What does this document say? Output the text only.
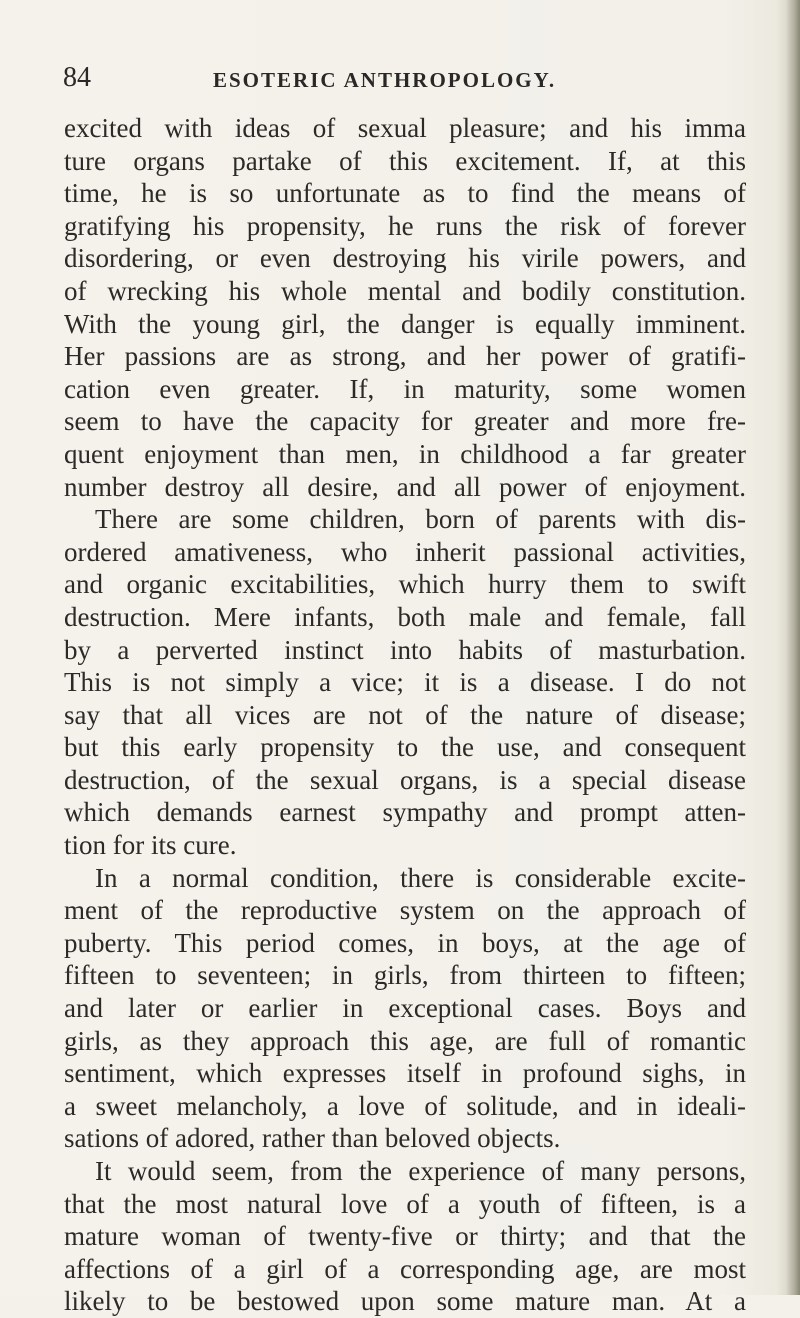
84	ESOTERIC ANTHROPOLOGY.
excited with ideas of sexual pleasure; and his imma
ture organs partake of this excitement. If, at this
time, he is so unfortunate as to find the means of
gratifying his propensity, he runs the risk of forever
disordering, or even destroying his virile powers, and
of wrecking his whole mental and bodily constitution.
With the young girl, the danger is equally imminent.
Her passions are as strong, and her power of gratifi-
cation even greater. If, in maturity, some women
seem to have the capacity for greater and more fre-
quent enjoyment than men, in childhood a far greater
number destroy all desire, and all power of enjoyment.
There are some children, born of parents with dis-
ordered amativeness, who inherit passional activities,
and organic excitabilities, which hurry them to swift
destruction. Mere infants, both male and female, fall
by a perverted instinct into habits of masturbation.
This is not simply a vice; it is a disease. I do not
say that all vices are not of the nature of disease;
but this early propensity to the use, and consequent
destruction, of the sexual organs, is a special disease
which demands earnest sympathy and prompt atten-
tion for its cure.
In a normal condition, there is considerable excite-
ment of the reproductive system on the approach of
puberty. This period comes, in boys, at the age of
fifteen to seventeen; in girls, from thirteen to fifteen;
and later or earlier in exceptional cases. Boys and
girls, as they approach this age, are full of romantic
sentiment, which expresses itself in profound sighs, in
a sweet melancholy, a love of solitude, and in ideali-
sations of adored, rather than beloved objects.
It would seem, from the experience of many persons,
that the most natural love of a youth of fifteen, is a
mature woman of twenty-five or thirty; and that the
affections of a girl of a corresponding age, are most
likely to be bestowed upon some mature man. At a
